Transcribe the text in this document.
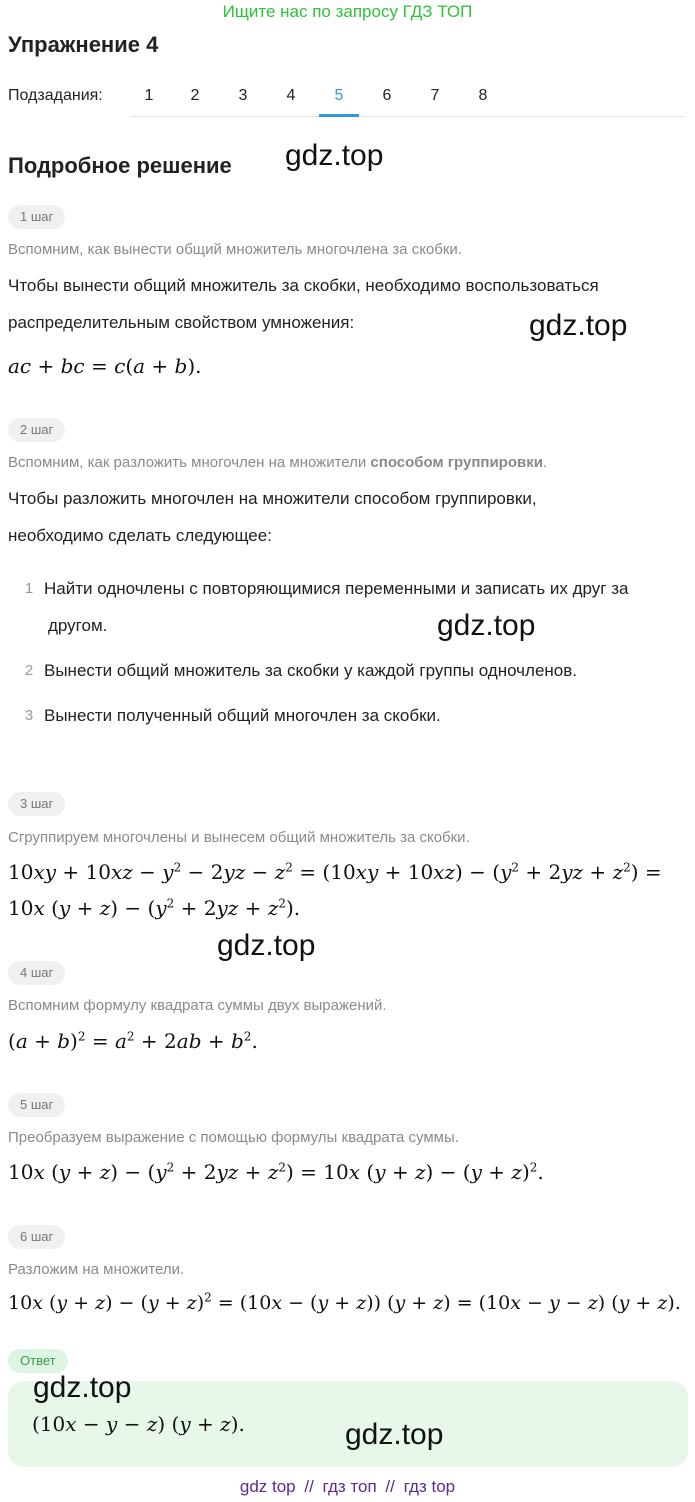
Ищите нас по запросу ГДЗ ТОП
Упражнение 4
Подзадания:	1	2	3	4	5	6	7	8
Подробное решение gdz.top
1 шаг
Вспомним, как вынести общий множитель многочлена за скобки.
Чтобы вынести общий множитель за скобки, необходимо воспользоваться
распределительным свойством умножения:	gdz.top
ac + bc = c(a + b).
2 шаг
Вспомним, как разложить многочлен на множители способом группировки.
Чтобы разложить многочлен на множители способом группировки,
необходимо сделать следующее:
1 Найти одночлены с повторяющимися переменными и записать их друг за
другом.	gdz.top
2 Вынести общий множитель за скобки у каждой группы одночленов.
3 Вынести полученный общий многочлен за скобки.
3 шаг
Сгруппируем многочлены и вынесем общий множитель за скобки.
$10xy + 10xz - y^2 - 2yz - z^2 = (10xy + 10xz) - (y^2 + 2yz + z^2)$ =
10x $(y + z) - (y^2 + 2yz + z^2)$.
gdz.top
4 шаг
Вспомним формулу квадрата суммы двух выражений.
$(a + b)^2 = a^2 + 2ab + b^2$.
5 шаг
Преобразуем выражение с помощью формулы квадрата суммы.
10x $(y + z) - (y^2 + 2yz + z^2) = 10x$ $(y + z) - (y + z)^2$.
6 шаг
Разложим на множители.
10x $(y + z) - (y + z)^2 = (10x - (y + z))$ (y + z) = (10x − y − z) (y + z).
Ответ
gdz.top
(10x − y − z) (y + z).	gdz.top
gdz top // гдз топ // гдз top
